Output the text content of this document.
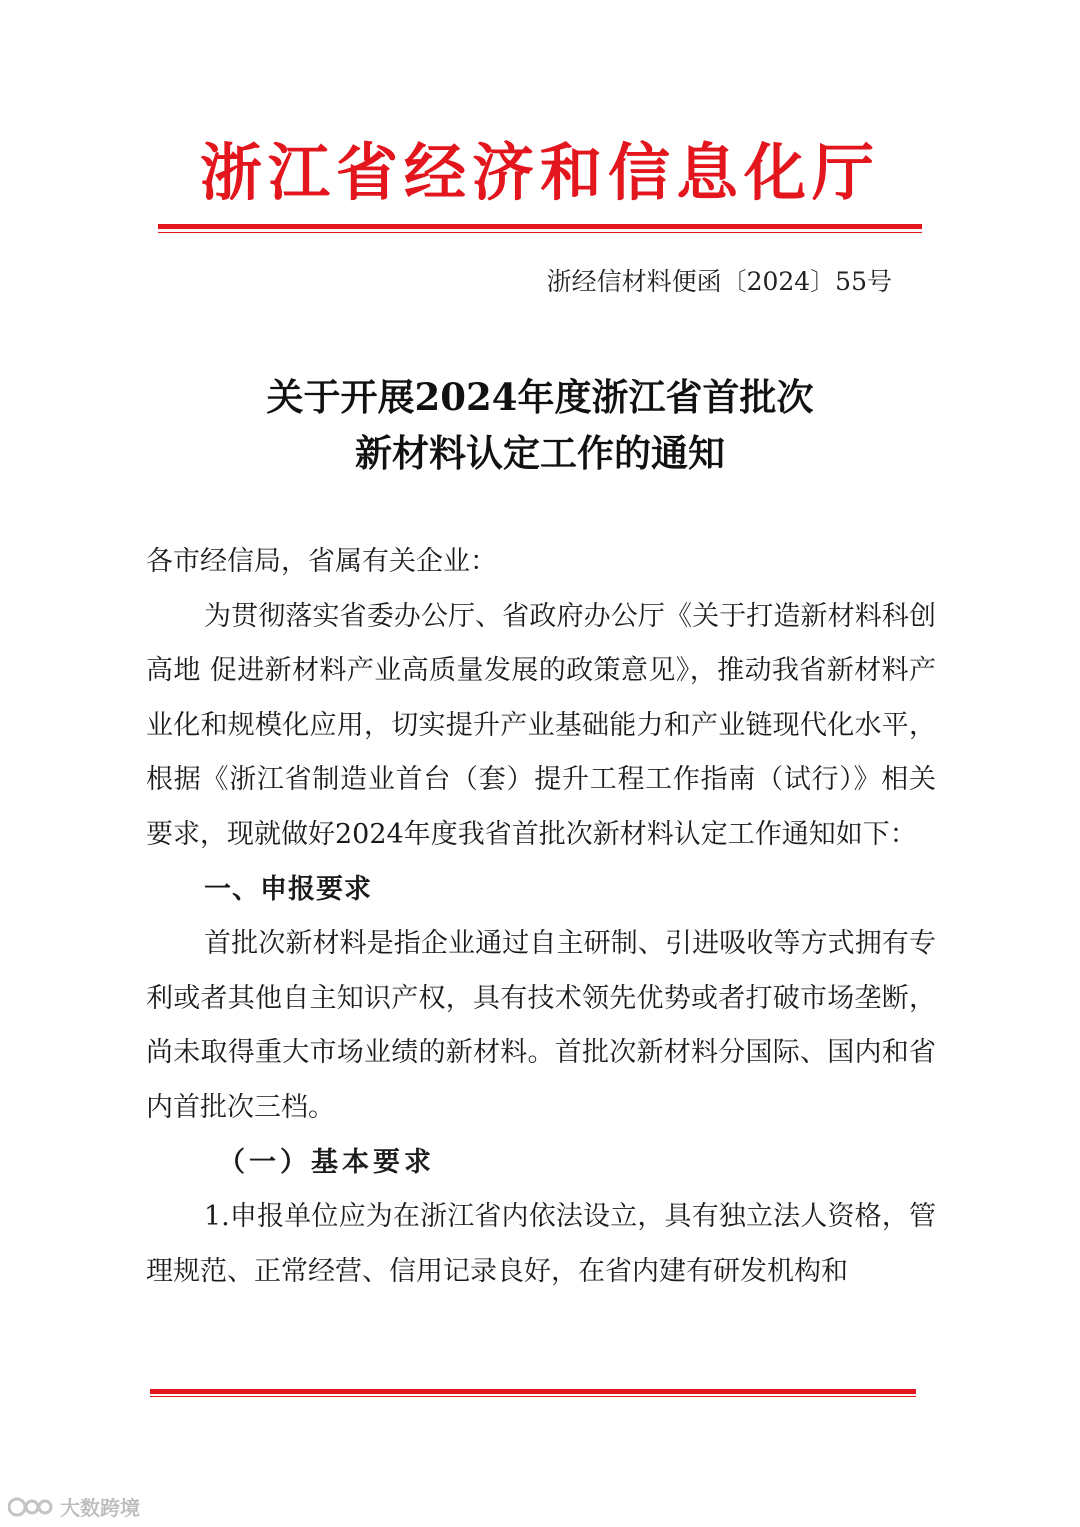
浙江省经济和信息化厅
浙经信材料便函〔2024〕55号
关于开展2024年度浙江省首批次
新材料认定工作的通知

各市经信局，省属有关企业：

为贯彻落实省委办公厅、省政府办公厅《关于打造新材料科创高地 促进新材料产业高质量发展的政策意见》，推动我省新材料产业化和规模化应用，切实提升产业基础能力和产业链现代化水平，根据《浙江省制造业首台（套）提升工程工作指南（试行）》相关要求，现就做好2024年度我省首批次新材料认定工作通知如下：

一、申报要求

首批次新材料是指企业通过自主研制、引进吸收等方式拥有专利或者其他自主知识产权，具有技术领先优势或者打破市场垄断，尚未取得重大市场业绩的新材料。首批次新材料分国际、国内和省内首批次三档。

（一）基本要求

1.申报单位应为在浙江省内依法设立，具有独立法人资格，管理规范、正常经营、信用记录良好，在省内建有研发机构和

大数跨境
